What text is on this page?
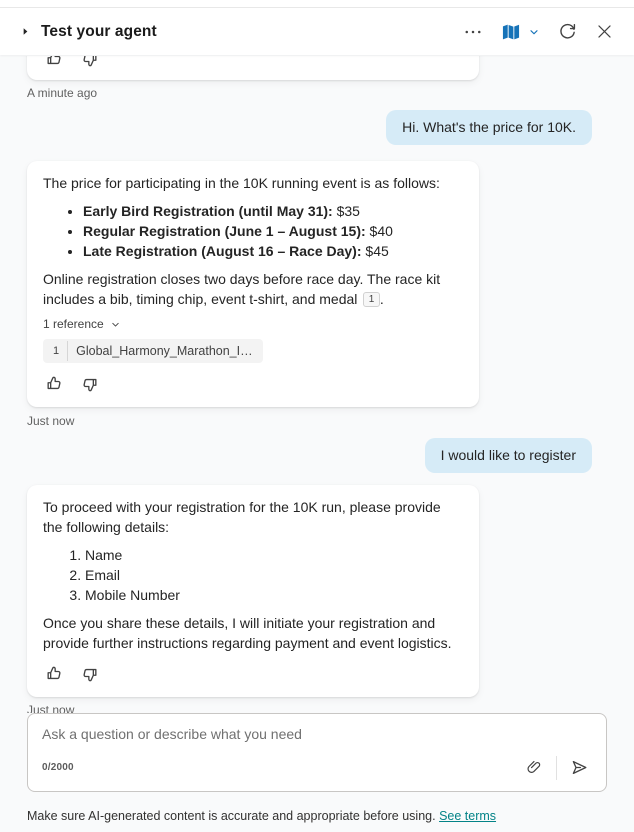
Test your agent
A minute ago
Hi. What's the price for 10K.

The price for participating in the 10K running event is as follows:

• Early Bird Registration (until May 31): $35
• Regular Registration (June 1 – August 15): $40
• Late Registration (August 16 – Race Day): $45

Online registration closes two days before race day. The race kit includes a bib, timing chip, event t-shirt, and medal 1 .

1 reference
1	Global_Harmony_Marathon_I…
Just now
I would like to register

To proceed with your registration for the 10K run, please provide the following details:

1. Name
2. Email
3. Mobile Number

Once you share these details, I will initiate your registration and provide further instructions regarding payment and event logistics.

Just now
Ask a question or describe what you need
0/2000
Make sure AI-generated content is accurate and appropriate before using. See terms
